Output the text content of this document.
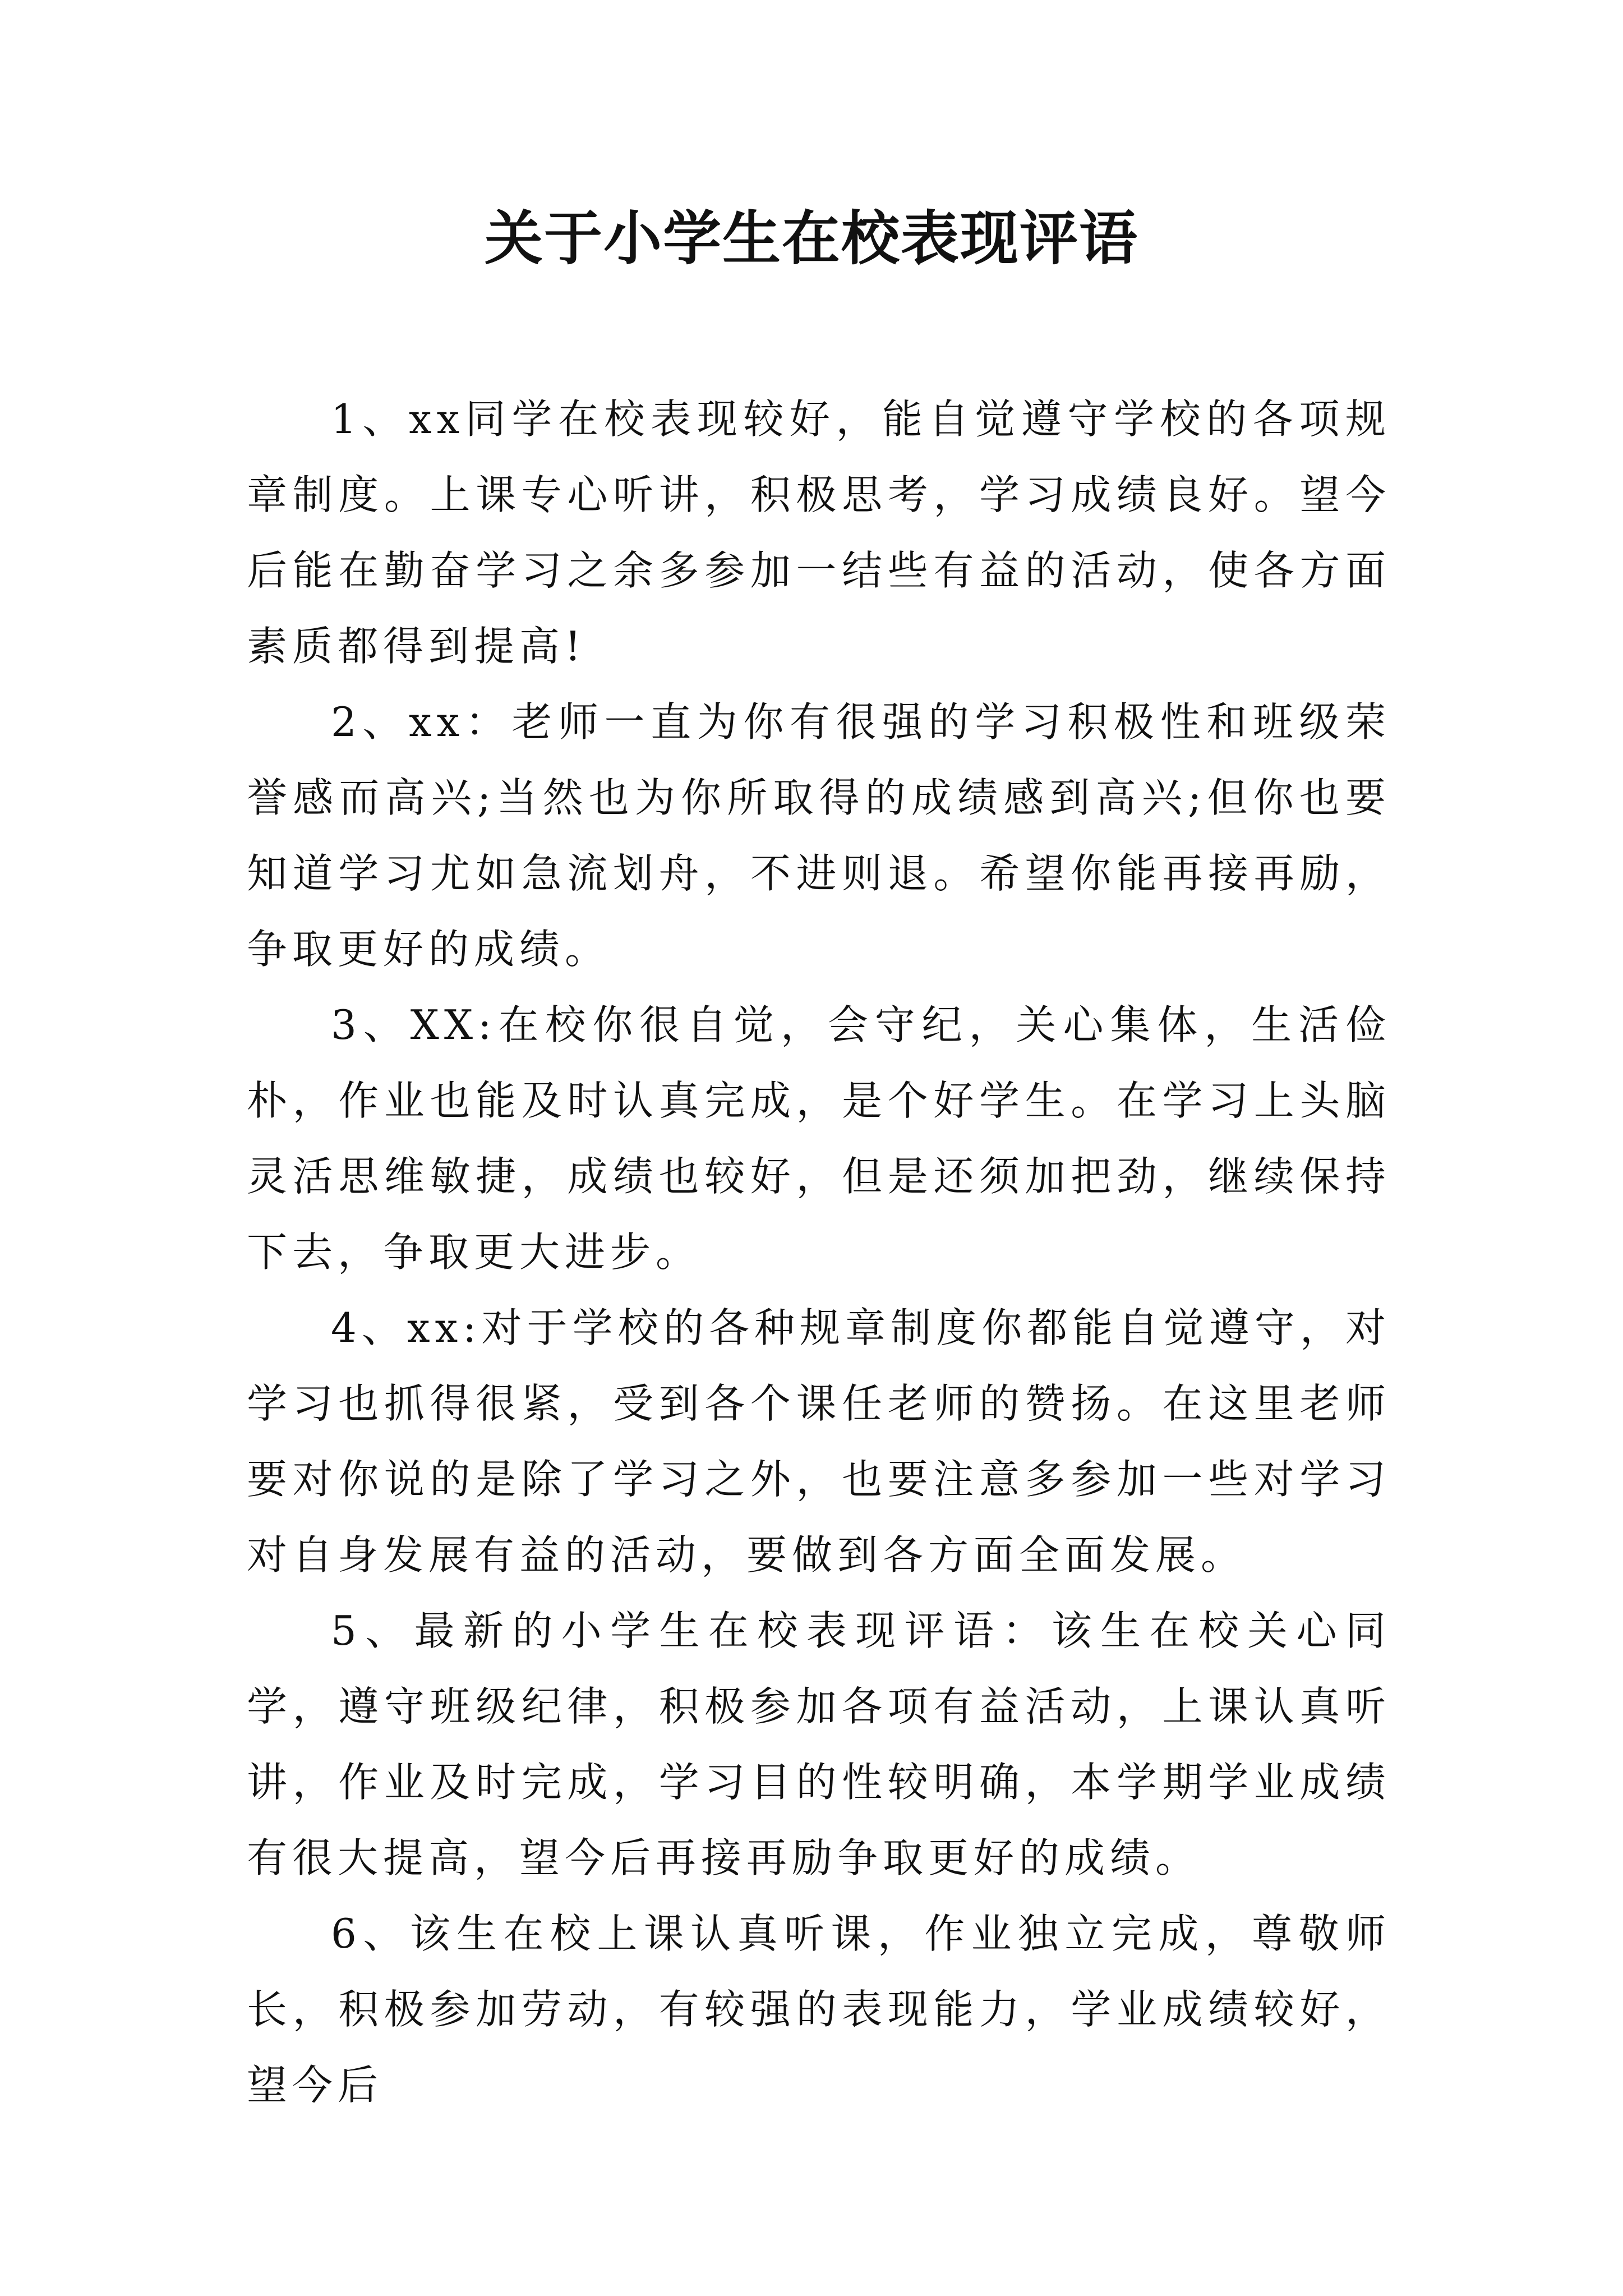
关于小学生在校表现评语

1、xx同学在校表现较好，能自觉遵守学校的各项规章制度。上课专心听讲，积极思考，学习成绩良好。望今后能在勤奋学习之余多参加一结些有益的活动，使各方面素质都得到提高!

2、xx：老师一直为你有很强的学习积极性和班级荣誉感而高兴;当然也为你所取得的成绩感到高兴;但你也要知道学习尤如急流划舟，不进则退。希望你能再接再励，争取更好的成绩。

3、XX:在校你很自觉，会守纪，关心集体，生活俭朴，作业也能及时认真完成，是个好学生。在学习上头脑灵活思维敏捷，成绩也较好，但是还须加把劲，继续保持下去，争取更大进步。

4、xx:对于学校的各种规章制度你都能自觉遵守，对学习也抓得很紧，受到各个课任老师的赞扬。在这里老师要对你说的是除了学习之外，也要注意多参加一些对学习对自身发展有益的活动，要做到各方面全面发展。

5、最新的小学生在校表现评语：该生在校关心同学，遵守班级纪律，积极参加各项有益活动，上课认真听讲，作业及时完成，学习目的性较明确，本学期学业成绩有很大提高，望今后再接再励争取更好的成绩。

6、该生在校上课认真听课，作业独立完成，尊敬师长，积极参加劳动，有较强的表现能力，学业成绩较好，望今后
